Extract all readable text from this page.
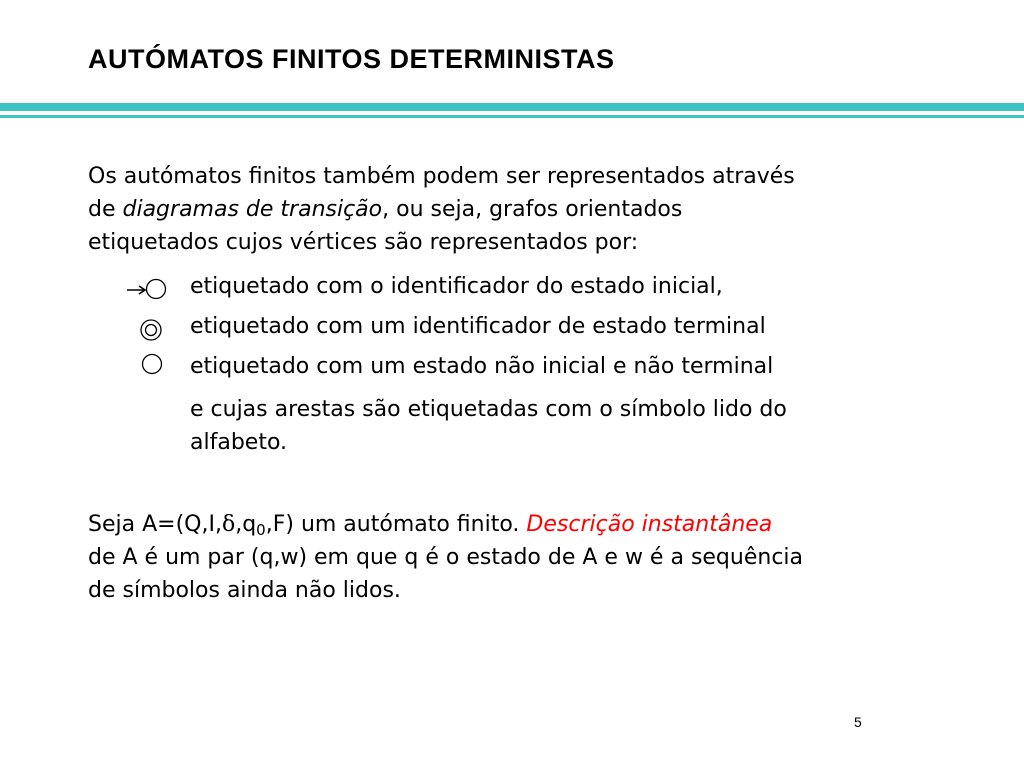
AUTÓMATOS FINITOS DETERMINISTAS
Os autómatos finitos também podem ser representados através
de diagramas de transição, ou seja, grafos orientados
etiquetados cujos vértices são representados por:
etiquetado com o identificador do estado inicial,
etiquetado com um identificador de estado terminal
etiquetado com um estado não inicial e não terminal
e cujas arestas são etiquetadas com o símbolo lido do
alfabeto.
Seja $A=(Q,I,\delta,q_0,F)$ um autómato finito. Descrição instantânea
de A é um par (q,w) em que q é o estado de A e w é a sequência
de símbolos ainda não lidos.
5
